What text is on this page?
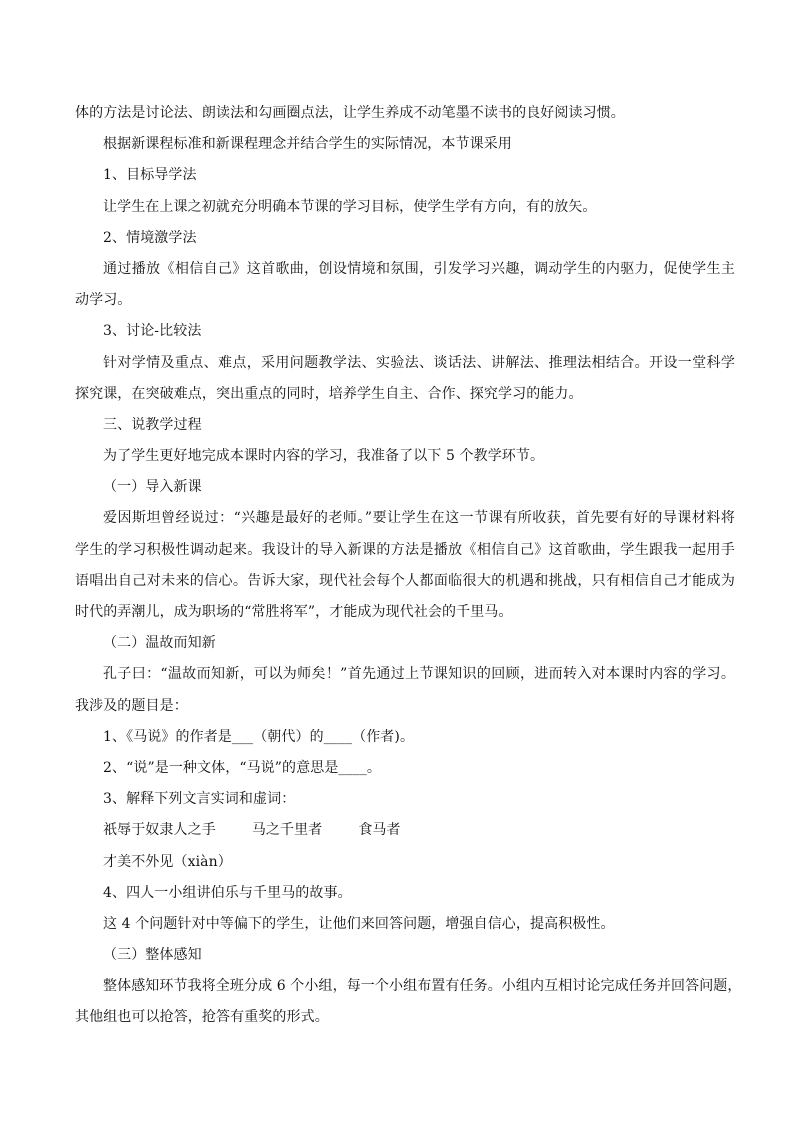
体的方法是讨论法、朗读法和勾画圈点法，让学生养成不动笔墨不读书的良好阅读习惯。
根据新课程标准和新课程理念并结合学生的实际情况，本节课采用
1、目标导学法
让学生在上课之初就充分明确本节课的学习目标，使学生学有方向，有的放矢。
2、情境激学法
通过播放《相信自己》这首歌曲，创设情境和氛围，引发学习兴趣，调动学生的内驱力，促使学生主
动学习。
3、讨论-比较法
针对学情及重点、难点，采用问题教学法、实验法、谈话法、讲解法、推理法相结合。开设一堂科学
探究课，在突破难点，突出重点的同时，培养学生自主、合作、探究学习的能力。
三、说教学过程
为了学生更好地完成本课时内容的学习，我准备了以下 5 个教学环节。
（一）导入新课
爱因斯坦曾经说过：“兴趣是最好的老师。”要让学生在这一节课有所收获，首先要有好的导课材料将
学生的学习积极性调动起来。我设计的导入新课的方法是播放《相信自己》这首歌曲，学生跟我一起用手
语唱出自己对未来的信心。告诉大家，现代社会每个人都面临很大的机遇和挑战，只有相信自己才能成为
时代的弄潮儿，成为职场的“常胜将军”，才能成为现代社会的千里马。
（二）温故而知新
孔子曰：“温故而知新，可以为师矣！”首先通过上节课知识的回顾，进而转入对本课时内容的学习。
我涉及的题目是：
1、《马说》的作者是___（朝代）的____（作者)。
2、“说”是一种文体，“马说”的意思是____。
3、解释下列文言实词和虚词：
祇辱于奴隶人之手	马之千里者	食马者
才美不外见（xiàn）
4、四人一小组讲伯乐与千里马的故事。
这 4 个问题针对中等偏下的学生，让他们来回答问题，增强自信心，提高积极性。
（三）整体感知
整体感知环节我将全班分成 6 个小组，每一个小组布置有任务。小组内互相讨论完成任务并回答问题，
其他组也可以抢答，抢答有重奖的形式。
